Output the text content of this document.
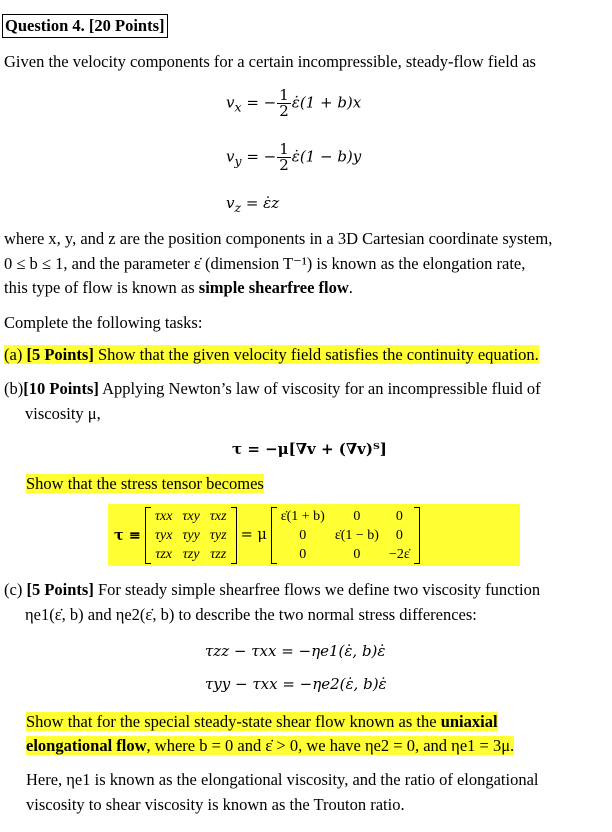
Question 4. [20 Points]
Given the velocity components for a certain incompressible, steady-flow field as
$v_x$ = − $\frac{1}{2}$ ε̇(1 + b)x
$v_y$ = − $\frac{1}{2}$ ε̇(1 − b)y
$v_z$ = ε̇z
where x, y, and z are the position components in a 3D Cartesian coordinate system,
0 ≤ b ≤ 1, and the parameter ε̇ (dimension T⁻¹) is known as the elongation rate,
this type of flow is known as simple shearfree flow.
Complete the following tasks:
(a) [5 Points] Show that the given velocity field satisfies the continuity equation.
(b)[10 Points] Applying Newton’s law of viscosity for an incompressible fluid of
viscosity μ,
τ = −μ[∇v + (∇v)ᵀ]
Show that the stress tensor becomes
τ ≡
τxx	τxy	τxz
τyx	τyy	τyz
τzx	τzy	τzz
= μ
ε̇(1 + b)	0	0
0	ε̇(1 − b)	0
0	0	−2ε̇
(c) [5 Points] For steady simple shearfree flows we define two viscosity function
ηe1(ε̇, b) and ηe2(ε̇, b) to describe the two normal stress differences:
τzz − τxx = −ηe1(ε̇, b)ε̇
τyy − τxx = −ηe2(ε̇, b)ε̇
Show that for the special steady-state shear flow known as the uniaxial
elongational flow, where b = 0 and ε̇ > 0, we have ηe2 = 0, and ηe1 = 3μ.
Here, ηe1 is known as the elongational viscosity, and the ratio of elongational
viscosity to shear viscosity is known as the Trouton ratio.
